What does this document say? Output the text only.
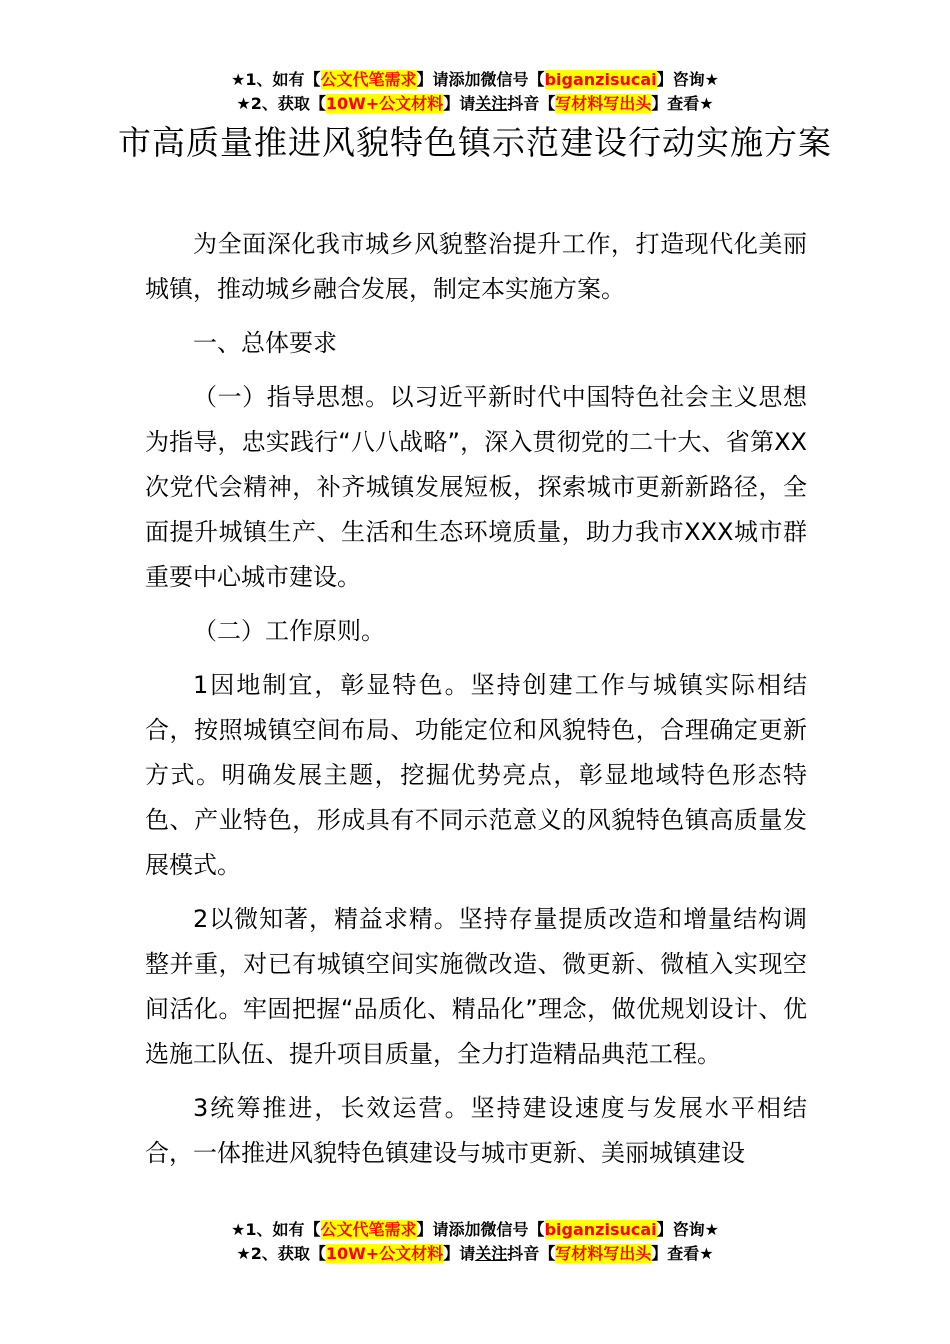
★1、如有【公文代笔需求】请添加微信号【biganzisucai】咨询★
★2、获取【10W+公文材料】请关注抖音【写材料写出头】查看★
市高质量推进风貌特色镇示范建设行动实施方案

为全面深化我市城乡风貌整治提升工作，打造现代化美丽城镇，推动城乡融合发展，制定本实施方案。

一、总体要求

（一）指导思想。以习近平新时代中国特色社会主义思想为指导，忠实践行“八八战略”，深入贯彻党的二十大、省第XX次党代会精神，补齐城镇发展短板，探索城市更新新路径，全面提升城镇生产、生活和生态环境质量，助力我市XXX城市群重要中心城市建设。

（二）工作原则。

1因地制宜，彰显特色。坚持创建工作与城镇实际相结合，按照城镇空间布局、功能定位和风貌特色，合理确定更新方式。明确发展主题，挖掘优势亮点，彰显地域特色形态特色、产业特色，形成具有不同示范意义的风貌特色镇高质量发展模式。

2以微知著，精益求精。坚持存量提质改造和增量结构调整并重，对已有城镇空间实施微改造、微更新、微植入实现空间活化。牢固把握“品质化、精品化”理念，做优规划设计、优选施工队伍、提升项目质量，全力打造精品典范工程。

3统筹推进，长效运营。坚持建设速度与发展水平相结合，一体推进风貌特色镇建设与城市更新、美丽城镇建设

★1、如有【公文代笔需求】请添加微信号【biganzisucai】咨询★
★2、获取【10W+公文材料】请关注抖音【写材料写出头】查看★
